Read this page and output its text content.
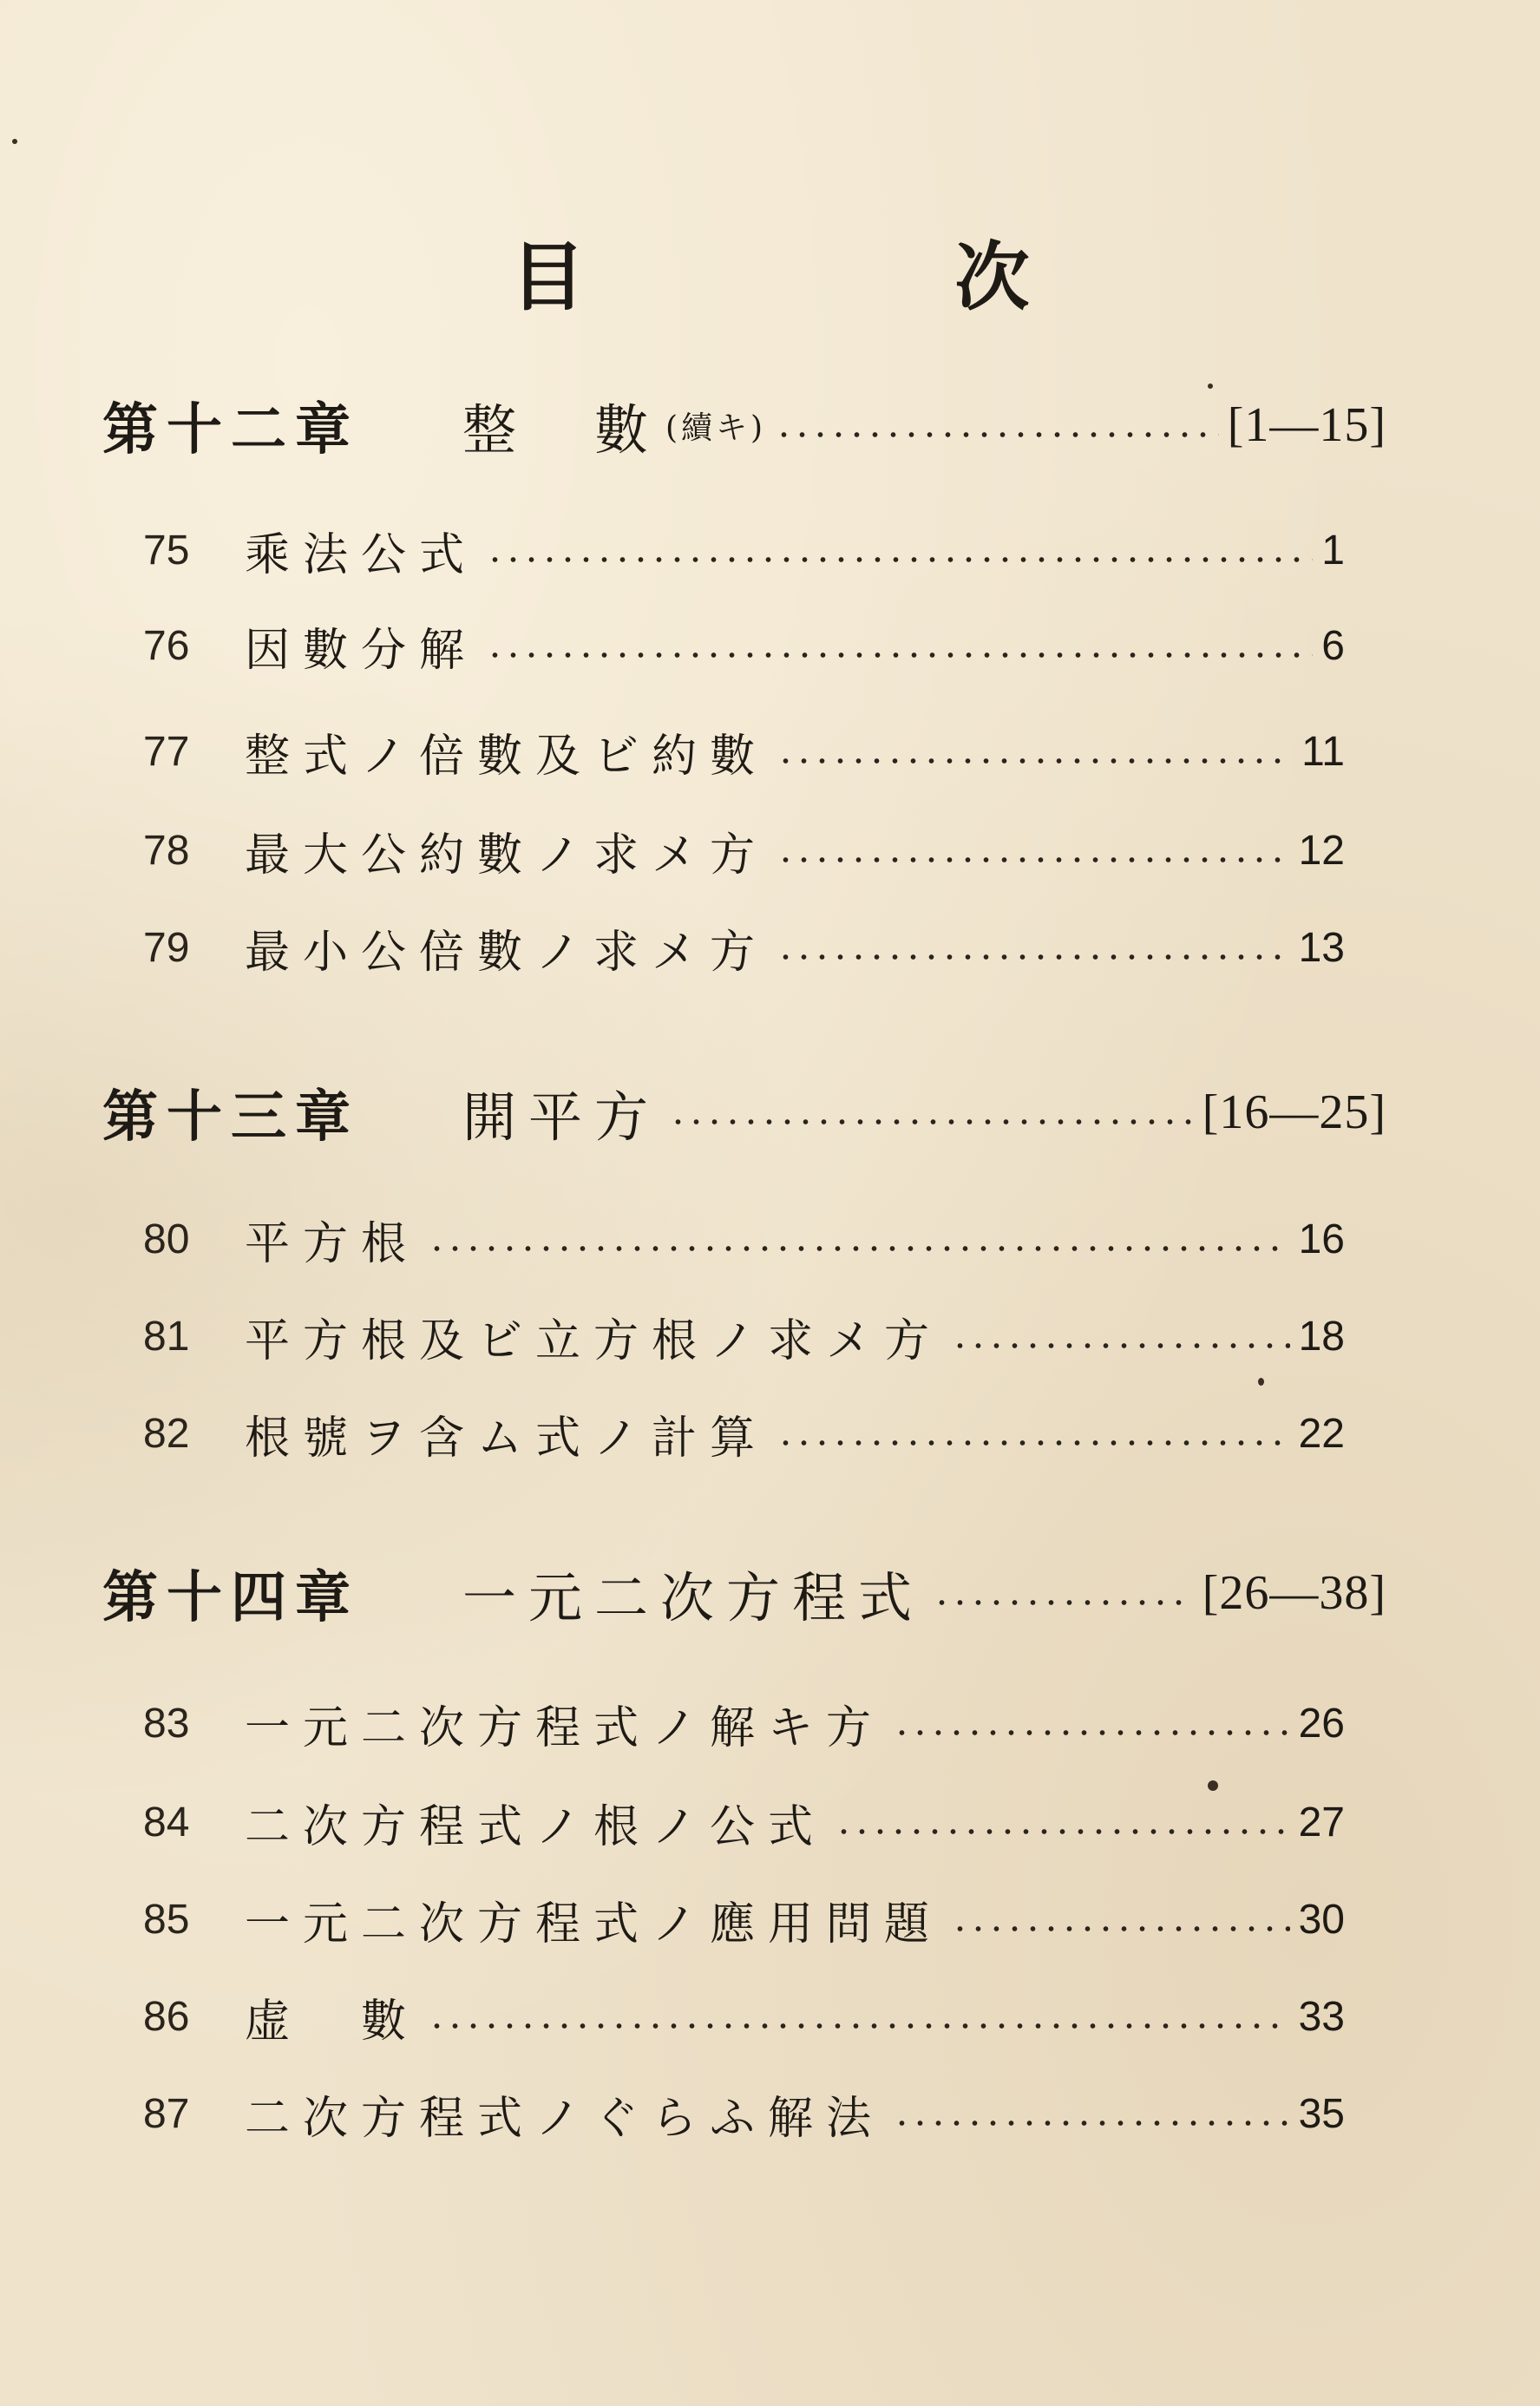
目　次
第十二章	整　數 (續キ)	[1—15]
75	乘法公式	1
76	因數分解	6
77	整式ノ倍數及ビ約數	11
78	最大公約數ノ求メ方	12
79	最小公倍數ノ求メ方	13
第十三章	開平方	[16—25]
80	平方根	16
81	平方根及ビ立方根ノ求メ方	18
82	根號ヲ含ム式ノ計算	22
第十四章	一元二次方程式	[26—38]
83	一元二次方程式ノ解キ方	26
84	二次方程式ノ根ノ公式	27
85	一元二次方程式ノ應用問題	30
86	虚　數	33
87	二次方程式ノぐらふ解法	35
